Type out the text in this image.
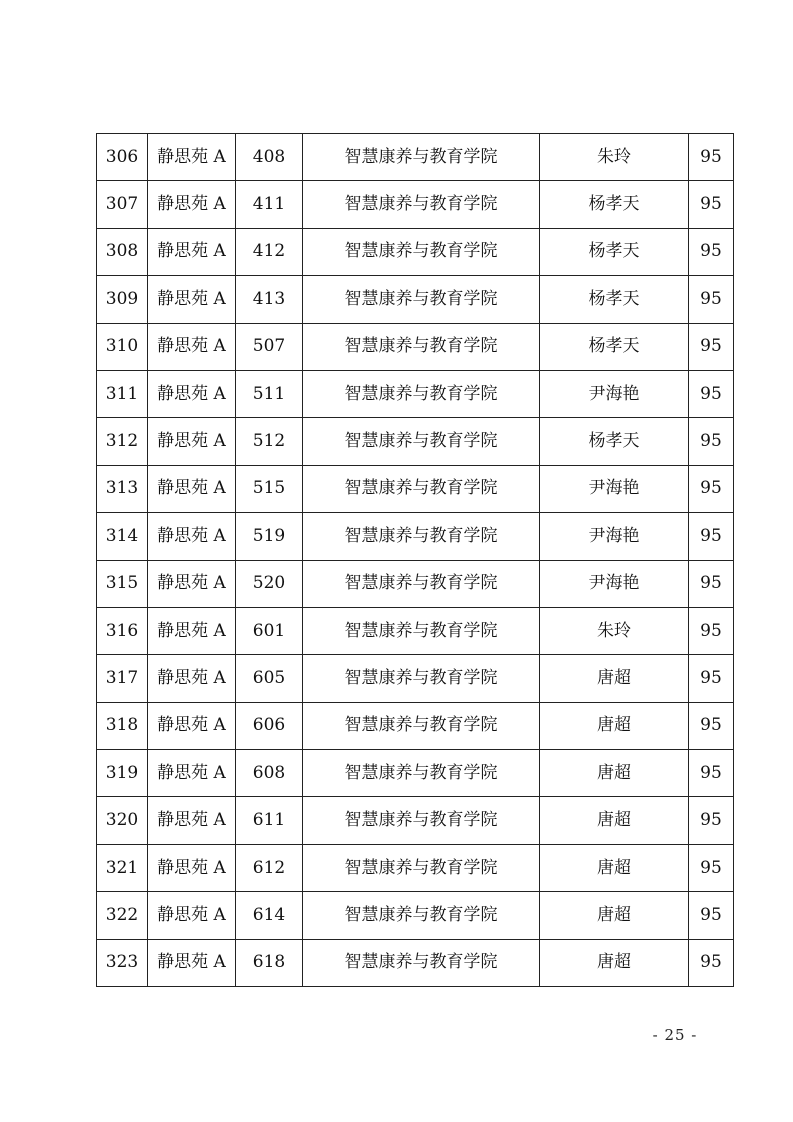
306	静思苑 A	408	智慧康养与教育学院	朱玲	95
307	静思苑 A	411	智慧康养与教育学院	杨孝天	95
308	静思苑 A	412	智慧康养与教育学院	杨孝天	95
309	静思苑 A	413	智慧康养与教育学院	杨孝天	95
310	静思苑 A	507	智慧康养与教育学院	杨孝天	95
311	静思苑 A	511	智慧康养与教育学院	尹海艳	95
312	静思苑 A	512	智慧康养与教育学院	杨孝天	95
313	静思苑 A	515	智慧康养与教育学院	尹海艳	95
314	静思苑 A	519	智慧康养与教育学院	尹海艳	95
315	静思苑 A	520	智慧康养与教育学院	尹海艳	95
316	静思苑 A	601	智慧康养与教育学院	朱玲	95
317	静思苑 A	605	智慧康养与教育学院	唐超	95
318	静思苑 A	606	智慧康养与教育学院	唐超	95
319	静思苑 A	608	智慧康养与教育学院	唐超	95
320	静思苑 A	611	智慧康养与教育学院	唐超	95
321	静思苑 A	612	智慧康养与教育学院	唐超	95
322	静思苑 A	614	智慧康养与教育学院	唐超	95
323	静思苑 A	618	智慧康养与教育学院	唐超	95
- 25 -
